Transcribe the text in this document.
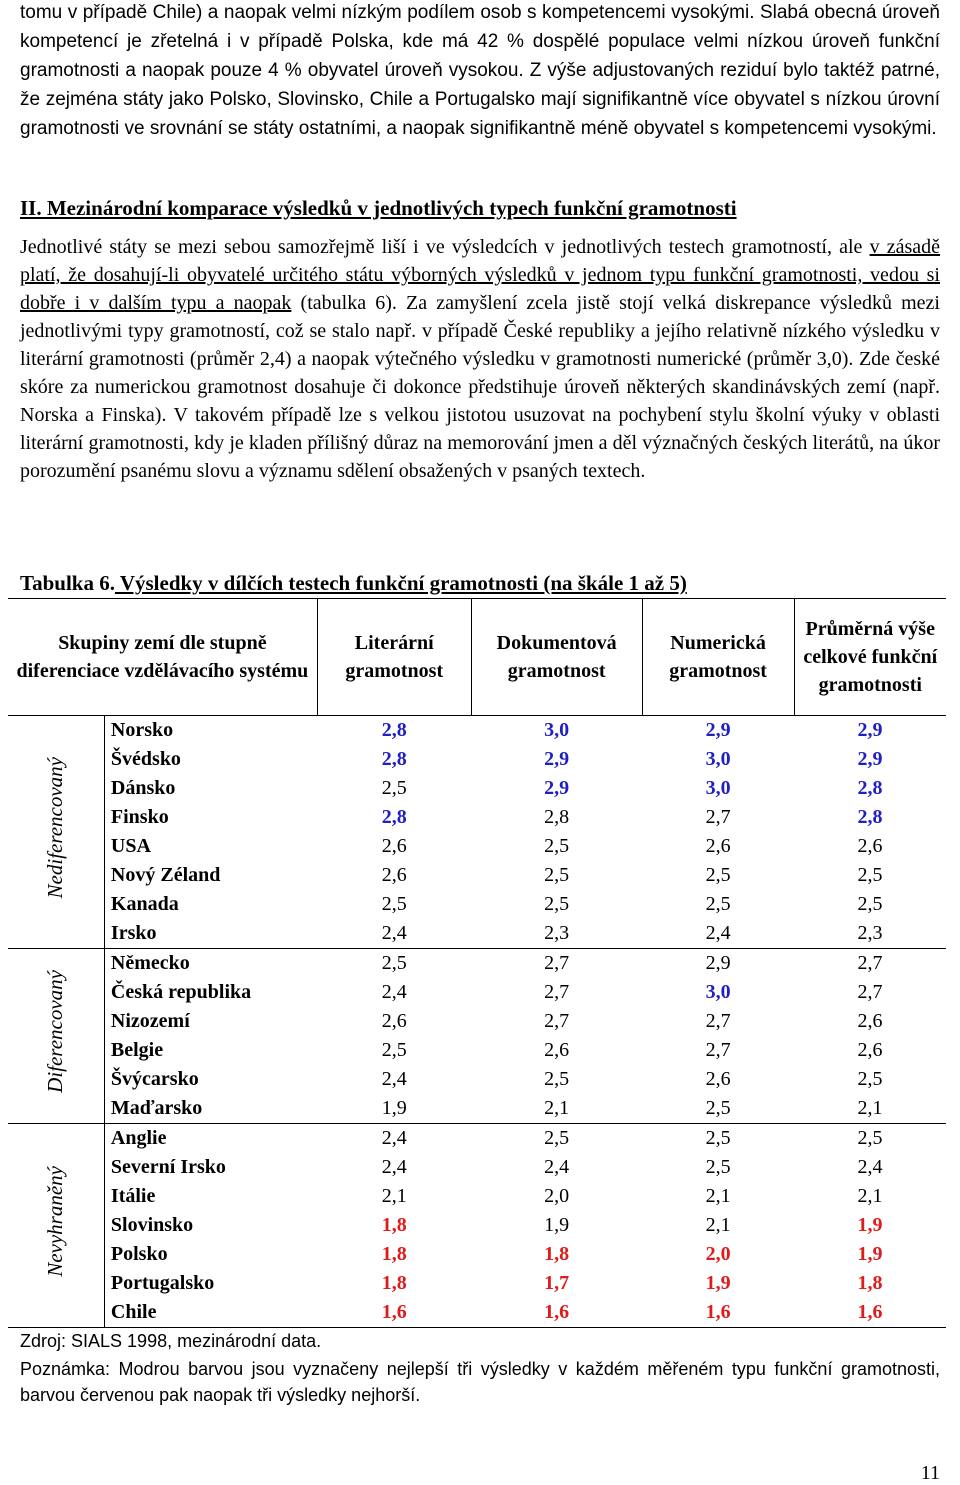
tomu v případě Chile) a naopak velmi nízkým podílem osob s kompetencemi vysokými. Slabá obecná úroveň kompetencí je zřetelná i v případě Polska, kde má 42 % dospělé populace velmi nízkou úroveň funkční gramotnosti a naopak pouze 4 % obyvatel úroveň vysokou. Z výše adjustovaných reziduí bylo taktéž patrné, že zejména státy jako Polsko, Slovinsko, Chile a Portugalsko mají signifikantně více obyvatel s nízkou úrovní gramotnosti ve srovnání se státy ostatními, a naopak signifikantně méně obyvatel s kompetencemi vysokými.

II. Mezinárodní komparace výsledků v jednotlivých typech funkční gramotnosti

Jednotlivé státy se mezi sebou samozřejmě liší i ve výsledcích v jednotlivých testech gramotností, ale v zásadě platí, že dosahují-li obyvatelé určitého státu výborných výsledků v jednom typu funkční gramotnosti, vedou si dobře i v dalším typu a naopak (tabulka 6). Za zamyšlení zcela jistě stojí velká diskrepance výsledků mezi jednotlivými typy gramotností, což se stalo např. v případě České republiky a jejího relativně nízkého výsledku v literární gramotnosti (průměr 2,4) a naopak výtečného výsledku v gramotnosti numerické (průměr 3,0). Zde české skóre za numerickou gramotnost dosahuje či dokonce předstihuje úroveň některých skandinávských zemí (např. Norska a Finska). V takovém případě lze s velkou jistotou usuzovat na pochybení stylu školní výuky v oblasti literární gramotnosti, kdy je kladen přílišný důraz na memorování jmen a děl význačných českých literátů, na úkor porozumění psanému slovu a významu sdělení obsažených v psaných textech.

Tabulka 6. Výsledky v dílčích testech funkční gramotnosti (na škále 1 až 5)

Skupiny zemí dle stupně diferenciace vzdělávacího systému		Literární gramotnost	Dokumentová gramotnost	Numerická gramotnost	Průměrná výše celkové funkční gramotnosti
Nediferencovaný	Norsko	2,8	3,0	2,9	2,9
	Švédsko	2,8	2,9	3,0	2,9
	Dánsko	2,5	2,9	3,0	2,8
	Finsko	2,8	2,8	2,7	2,8
	USA	2,6	2,5	2,6	2,6
	Nový Zéland	2,6	2,5	2,5	2,5
	Kanada	2,5	2,5	2,5	2,5
	Irsko	2,4	2,3	2,4	2,3
Diferencovaný	Německo	2,5	2,7	2,9	2,7
	Česká republika	2,4	2,7	3,0	2,7
	Nizozemí	2,6	2,7	2,7	2,6
	Belgie	2,5	2,6	2,7	2,6
	Švýcarsko	2,4	2,5	2,6	2,5
	Maďarsko	1,9	2,1	2,5	2,1
Nevyhraněný	Anglie	2,4	2,5	2,5	2,5
	Severní Irsko	2,4	2,4	2,5	2,4
	Itálie	2,1	2,0	2,1	2,1
	Slovinsko	1,8	1,9	2,1	1,9
	Polsko	1,8	1,8	2,0	1,9
	Portugalsko	1,8	1,7	1,9	1,8
	Chile	1,6	1,6	1,6	1,6

Zdroj: SIALS 1998, mezinárodní data.

Poznámka: Modrou barvou jsou vyznačeny nejlepší tři výsledky v každém měřeném typu funkční gramotnosti, barvou červenou pak naopak tři výsledky nejhorší.

11
